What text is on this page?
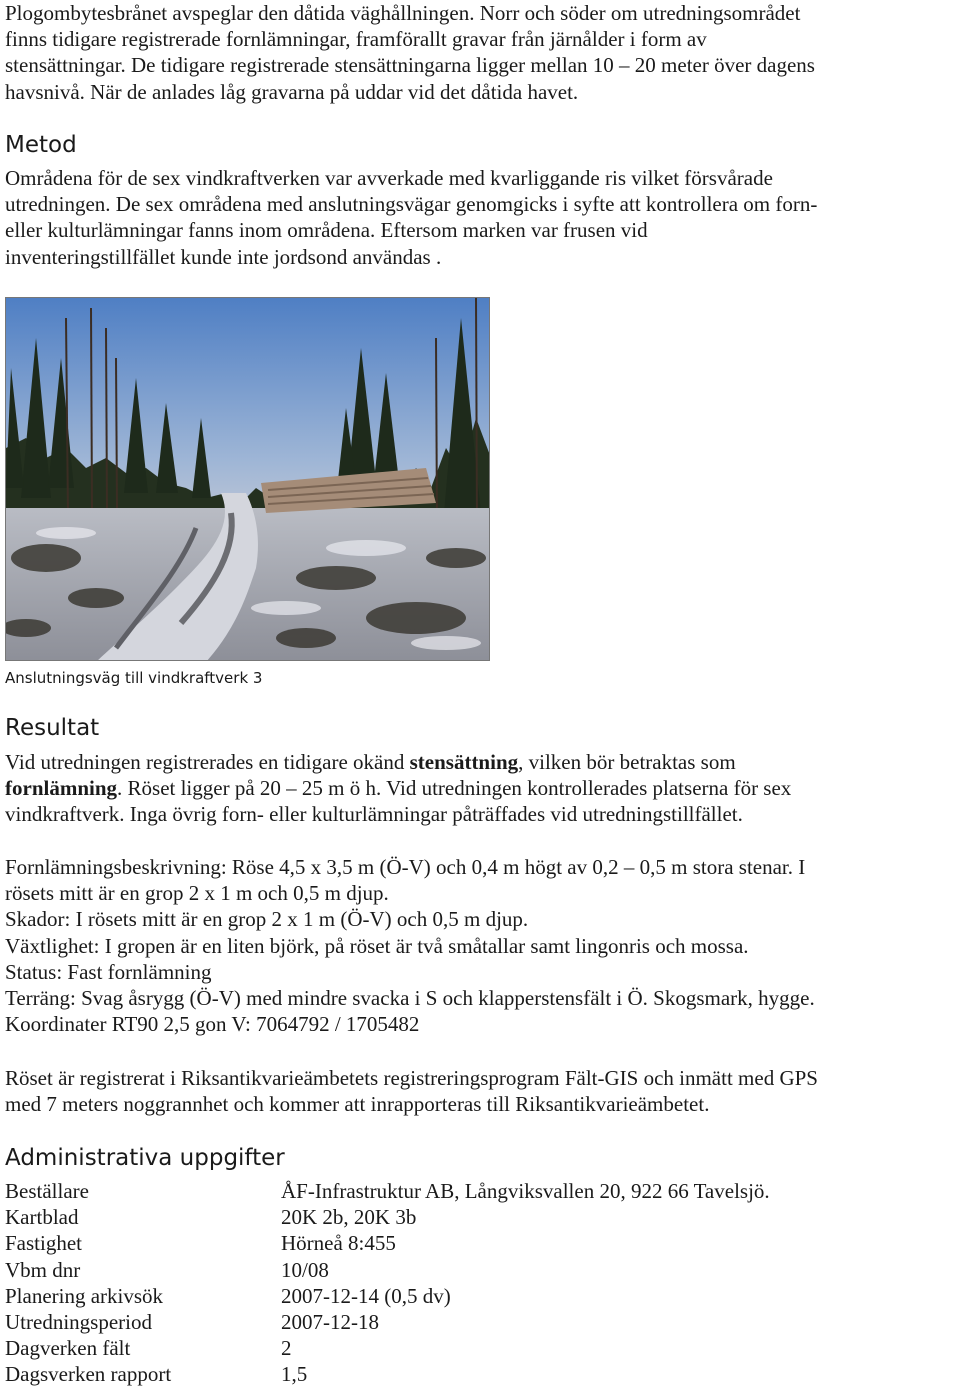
Plogombytesbrånet avspeglar den dåtida väghållningen. Norr och söder om utredningsområdet

finns tidigare registrerade fornlämningar, framförallt gravar från järnålder i form av

stensättningar. De tidigare registrerade stensättningarna ligger mellan 10 – 20 meter över dagens

havsnivå. När de anlades låg gravarna på uddar vid det dåtida havet.

Metod

Områdena för de sex vindkraftverken var avverkade med kvarliggande ris vilket försvårade

utredningen. De sex områdena med anslutningsvägar genomgicks i syfte att kontrollera om forn-

eller kulturlämningar fanns inom områdena. Eftersom marken var frusen vid

inventeringstillfället kunde inte jordsond användas .

Anslutningsväg till vindkraftverk 3

Resultat

Vid utredningen registrerades en tidigare okänd stensättning, vilken bör betraktas som

fornlämning. Röset ligger på 20 – 25 m ö h. Vid utredningen kontrollerades platserna för sex

vindkraftverk. Inga övrig forn- eller kulturlämningar påträffades vid utredningstillfället.

Fornlämningsbeskrivning: Röse 4,5 x 3,5 m (Ö-V) och 0,4 m högt av 0,2 – 0,5 m stora stenar. I

rösets mitt är en grop 2 x 1 m och 0,5 m djup.

Skador: I rösets mitt är en grop 2 x 1 m (Ö-V) och 0,5 m djup.

Växtlighet: I gropen är en liten björk, på röset är två småtallar samt lingonris och mossa.

Status: Fast fornlämning

Terräng: Svag åsrygg (Ö-V) med mindre svacka i S och klapperstensfält i Ö. Skogsmark, hygge.

Koordinater RT90 2,5 gon V: 7064792 / 1705482

Röset är registrerat i Riksantikvarieämbetets registreringsprogram Fält-GIS och inmätt med GPS

med 7 meters noggrannhet och kommer att inrapporteras till Riksantikvarieämbetet.

Administrativa uppgifter
Beställare	ÅF-Infrastruktur AB, Långviksvallen 20, 922 66 Tavelsjö.
Kartblad	20K 2b, 20K 3b
Fastighet	Hörneå 8:455
Vbm dnr	10/08
Planering arkivsök	2007-12-14 (0,5 dv)
Utredningsperiod	2007-12-18
Dagverken fält	2
Dagsverken rapport	1,5
